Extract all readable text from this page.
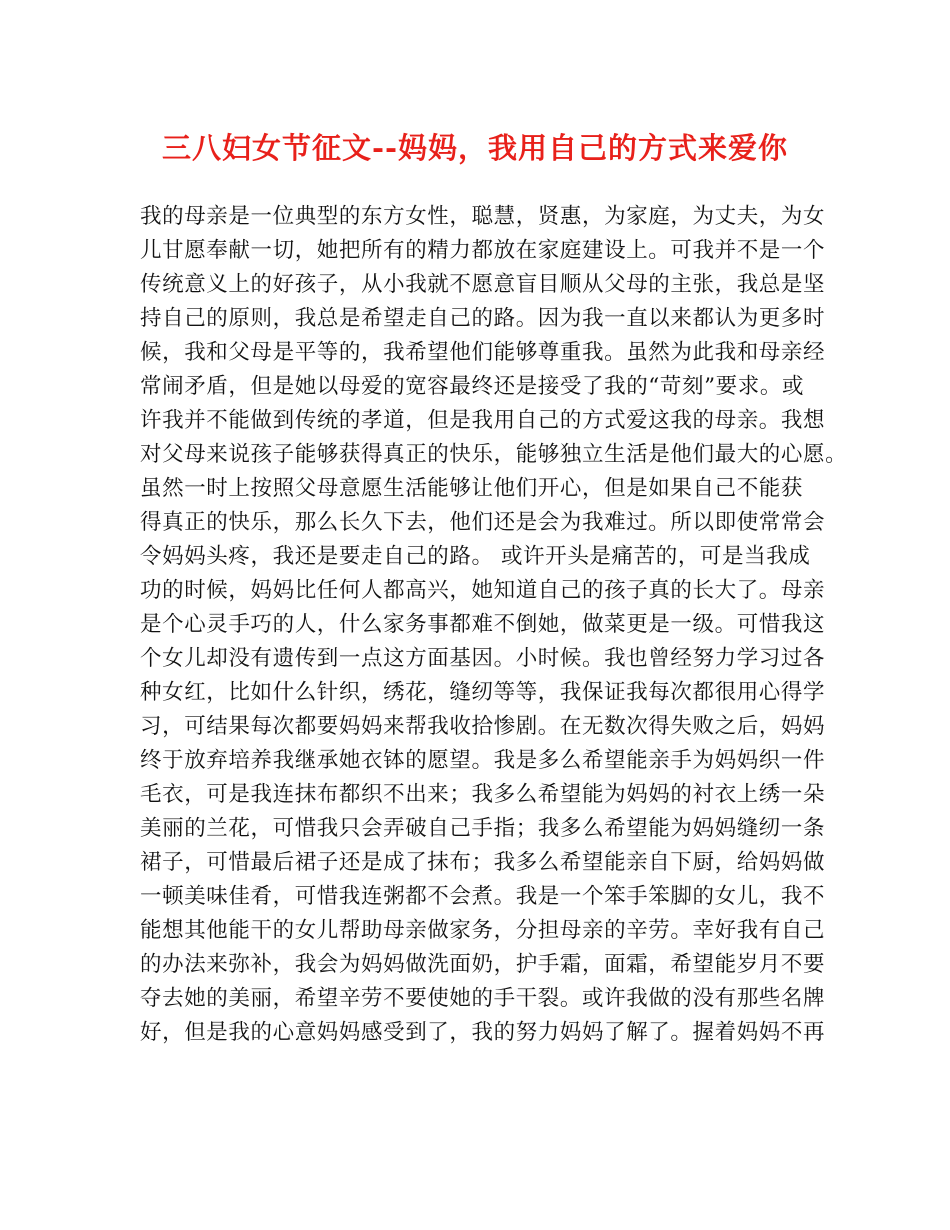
三八妇女节征文--妈妈，我用自己的方式来爱你
我的母亲是一位典型的东方女性，聪慧，贤惠，为家庭，为丈夫，为女
儿甘愿奉献一切，她把所有的精力都放在家庭建设上。可我并不是一个
传统意义上的好孩子，从小我就不愿意盲目顺从父母的主张，我总是坚
持自己的原则，我总是希望走自己的路。因为我一直以来都认为更多时
候，我和父母是平等的，我希望他们能够尊重我。虽然为此我和母亲经
常闹矛盾，但是她以母爱的宽容最终还是接受了我的“苛刻”要求。或
许我并不能做到传统的孝道，但是我用自己的方式爱这我的母亲。我想
对父母来说孩子能够获得真正的快乐，能够独立生活是他们最大的心愿。
虽然一时上按照父母意愿生活能够让他们开心，但是如果自己不能获
得真正的快乐，那么长久下去，他们还是会为我难过。所以即使常常会
令妈妈头疼，我还是要走自己的路。 或许开头是痛苦的，可是当我成
功的时候，妈妈比任何人都高兴，她知道自己的孩子真的长大了。母亲
是个心灵手巧的人，什么家务事都难不倒她，做菜更是一级。可惜我这
个女儿却没有遗传到一点这方面基因。小时候。我也曾经努力学习过各
种女红，比如什么针织，绣花，缝纫等等，我保证我每次都很用心得学
习，可结果每次都要妈妈来帮我收拾惨剧。在无数次得失败之后，妈妈
终于放弃培养我继承她衣钵的愿望。我是多么希望能亲手为妈妈织一件
毛衣，可是我连抹布都织不出来；我多么希望能为妈妈的衬衣上绣一朵
美丽的兰花，可惜我只会弄破自己手指；我多么希望能为妈妈缝纫一条
裙子，可惜最后裙子还是成了抹布；我多么希望能亲自下厨，给妈妈做
一顿美味佳肴，可惜我连粥都不会煮。我是一个笨手笨脚的女儿，我不
能想其他能干的女儿帮助母亲做家务，分担母亲的辛劳。幸好我有自己
的办法来弥补，我会为妈妈做洗面奶，护手霜，面霜，希望能岁月不要
夺去她的美丽，希望辛劳不要使她的手干裂。或许我做的没有那些名牌
好，但是我的心意妈妈感受到了，我的努力妈妈了解了。握着妈妈不再
